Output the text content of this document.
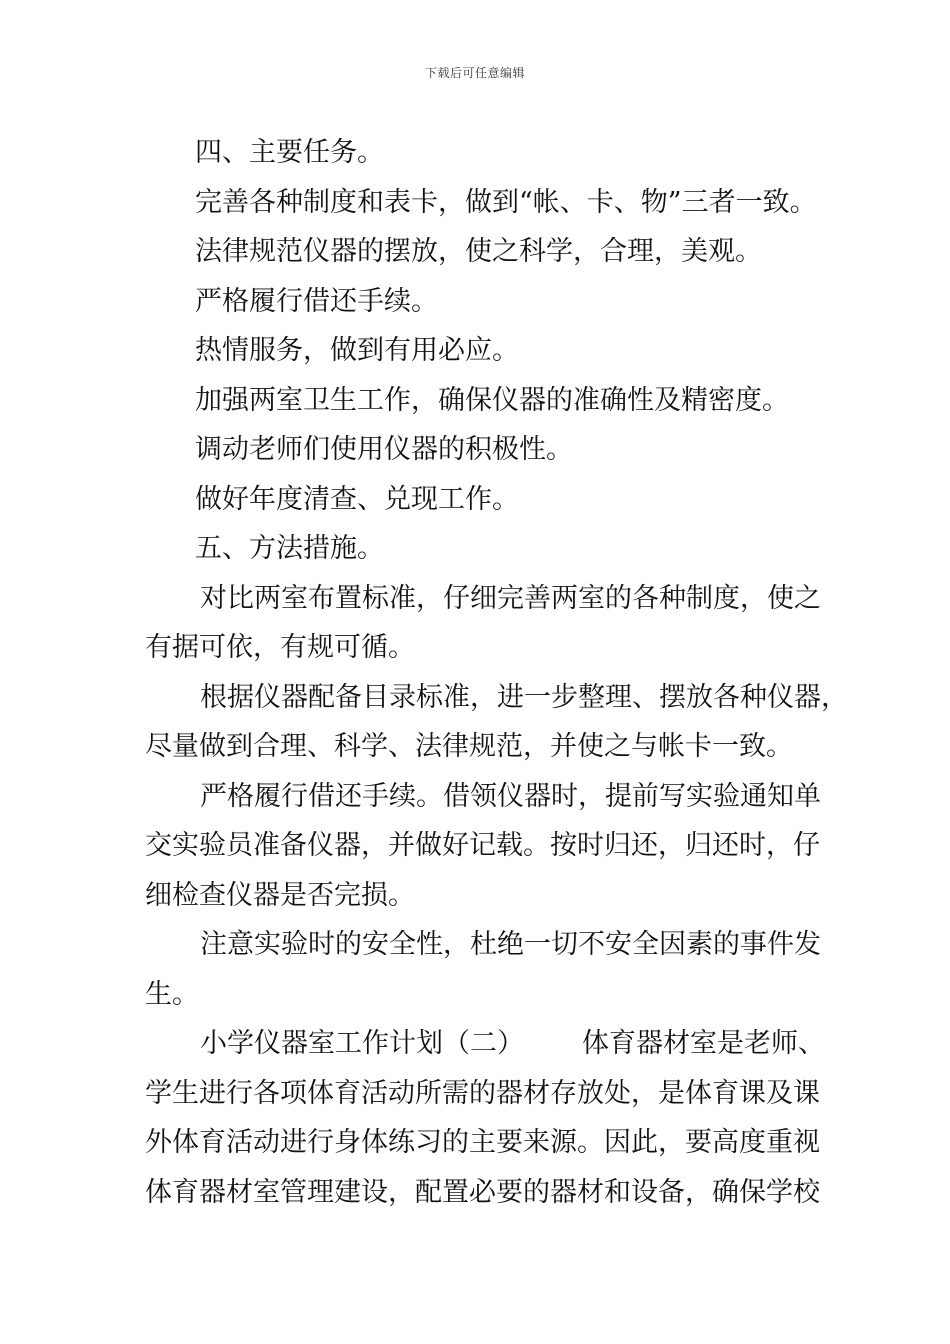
下载后可任意编辑
四、主要任务。
完善各种制度和表卡，做到“帐、卡、物”三者一致。
法律规范仪器的摆放，使之科学，合理，美观。
严格履行借还手续。
热情服务，做到有用必应。
加强两室卫生工作，确保仪器的准确性及精密度。
调动老师们使用仪器的积极性。
做好年度清查、兑现工作。
五、方法措施。
对比两室布置标准，仔细完善两室的各种制度，使之
有据可依，有规可循。
根据仪器配备目录标准，进一步整理、摆放各种仪器，
尽量做到合理、科学、法律规范，并使之与帐卡一致。
严格履行借还手续。借领仪器时，提前写实验通知单
交实验员准备仪器，并做好记载。按时归还，归还时，仔
细检查仪器是否完损。
注意实验时的安全性，杜绝一切不安全因素的事件发
生。
小学仪器室工作计划（二） 体育器材室是老师、
学生进行各项体育活动所需的器材存放处，是体育课及课
外体育活动进行身体练习的主要来源。因此，要高度重视
体育器材室管理建设，配置必要的器材和设备，确保学校
